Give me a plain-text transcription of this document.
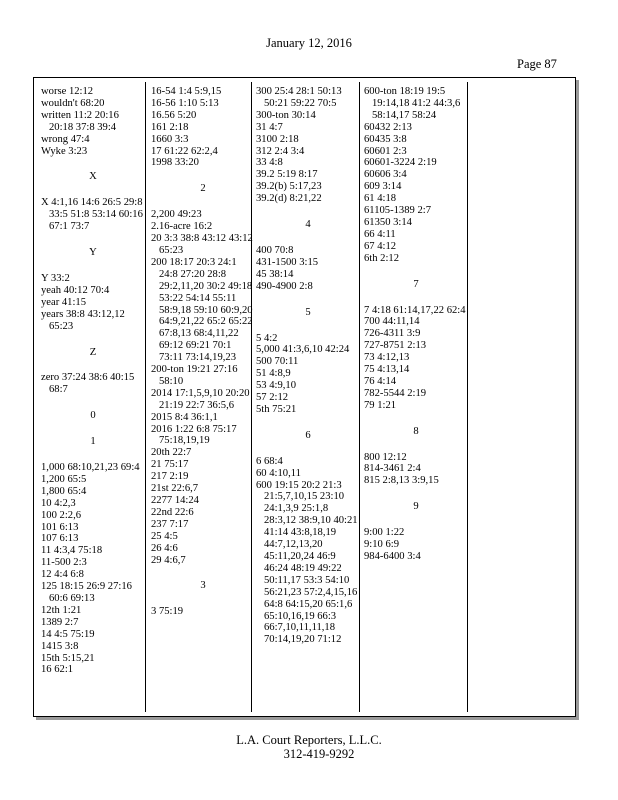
January 12, 2016
Page 87

worse 12:12

wouldn't 68:20

written 11:2 20:16 20:18 37:8 39:4

wrong 47:4

Wyke 3:23

X

X 4:1,16 14:6 26:5 29:8 33:5 51:8 53:14 60:16 67:1 73:7

Y

Y 33:2

yeah 40:12 70:4

year 41:15

years 38:8 43:12,12 65:23

Z

zero 37:24 38:6 40:15 68:7

0

1

1,000 68:10,21,23 69:4

1,200 65:5

1,800 65:4

10 4:2,3

100 2:2,6

101 6:13

107 6:13

11 4:3,4 75:18

11-500 2:3

12 4:4 6:8

125 18:15 26:9 27:16 60:6 69:13

12th 1:21

1389 2:7

14 4:5 75:19

1415 3:8

15th 5:15,21

16 62:1

16-54 1:4 5:9,15

16-56 1:10 5:13

16.56 5:20

161 2:18

1660 3:3

17 61:22 62:2,4

1998 33:20

2

2,200 49:23

2.16-acre 16:2

20 3:3 38:8 43:12 43:12 65:23

200 18:17 20:3 24:1 24:8 27:20 28:8 29:2,11,20 30:2 49:18 53:22 54:14 55:11 58:9,18 59:10 60:9,20 64:9,21,22 65:2 65:22 67:8,13 68:4,11,22 69:12 69:21 70:1 73:11 73:14,19,23

200-ton 19:21 27:16 58:10

2014 17:1,5,9,10 20:20 21:19 22:7 36:5,6

2015 8:4 36:1,1

2016 1:22 6:8 75:17 75:18,19,19

20th 22:7

21 75:17

217 2:19

21st 22:6,7

2277 14:24

22nd 22:6

237 7:17

25 4:5

26 4:6

29 4:6,7

3

3 75:19

300 25:4 28:1 50:13 50:21 59:22 70:5

300-ton 30:14

31 4:7

3100 2:18

312 2:4 3:4

33 4:8

39.2 5:19 8:17

39.2(b) 5:17,23

39.2(d) 8:21,22

4

400 70:8

431-1500 3:15

45 38:14

490-4900 2:8

5

5 4:2

5,000 41:3,6,10 42:24

500 70:11

51 4:8,9

53 4:9,10

57 2:12

5th 75:21

6

6 68:4

60 4:10,11

600 19:15 20:2 21:3 21:5,7,10,15 23:10 24:1,3,9 25:1,8 28:3,12 38:9,10 40:21 41:14 43:8,18,19 44:7,12,13,20 45:11,20,24 46:9 46:24 48:19 49:22 50:11,17 53:3 54:10 56:21,23 57:2,4,15,16 64:8 64:15,20 65:1,6 65:10,16,19 66:3 66:7,10,11,11,18 70:14,19,20 71:12

600-ton 18:19 19:5 19:14,18 41:2 44:3,6 58:14,17 58:24

60432 2:13

60435 3:8

60601 2:3

60601-3224 2:19

60606 3:4

609 3:14

61 4:18

61105-1389 2:7

61350 3:14

66 4:11

67 4:12

6th 2:12

7

7 4:18 61:14,17,22 62:4

700 44:11,14

726-4311 3:9

727-8751 2:13

73 4:12,13

75 4:13,14

76 4:14

782-5544 2:19

79 1:21

8

800 12:12

814-3461 2:4

815 2:8,13 3:9,15

9

9:00 1:22

9:10 6:9

984-6400 3:4

L.A. Court Reporters, L.L.C.
312-419-9292
